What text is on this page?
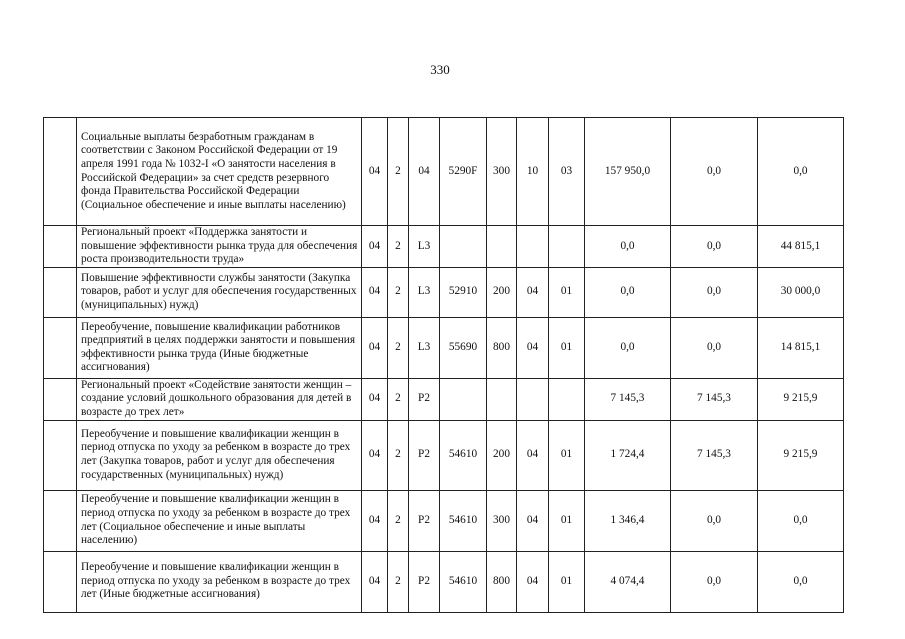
330
	Социальные выплаты безработным гражданам в соответствии с Законом Российской Федерации от 19 апреля 1991 года № 1032-I «О занятости населения в Российской Федерации» за счет средств резервного фонда Правительства Российской Федерации (Социальное обеспечение и иные выплаты населению)	04	2	04	5290F	300	10	03	157 950,0	0,0	0,0
	Региональный проект «Поддержка занятости и повышение эффективности рынка труда для обеспечения роста производительности труда»	04	2	L3					0,0	0,0	44 815,1
	Повышение эффективности службы занятости (Закупка товаров, работ и услуг для обеспечения государственных (муниципальных) нужд)	04	2	L3	52910	200	04	01	0,0	0,0	30 000,0
	Переобучение, повышение квалификации работников предприятий в целях поддержки занятости и повышения эффективности рынка труда (Иные бюджетные ассигнования)	04	2	L3	55690	800	04	01	0,0	0,0	14 815,1
	Региональный проект «Содействие занятости женщин – создание условий дошкольного образования для детей в возрасте до трех лет»	04	2	P2					7 145,3	7 145,3	9 215,9
	Переобучение и повышение квалификации женщин в период отпуска по уходу за ребенком в возрасте до трех лет (Закупка товаров, работ и услуг для обеспечения государственных (муниципальных) нужд)	04	2	P2	54610	200	04	01	1 724,4	7 145,3	9 215,9
	Переобучение и повышение квалификации женщин в период отпуска по уходу за ребенком в возрасте до трех лет (Социальное обеспечение и иные выплаты населению)	04	2	P2	54610	300	04	01	1 346,4	0,0	0,0
	Переобучение и повышение квалификации женщин в период отпуска по уходу за ребенком в возрасте до трех лет (Иные бюджетные ассигнования)	04	2	P2	54610	800	04	01	4 074,4	0,0	0,0
